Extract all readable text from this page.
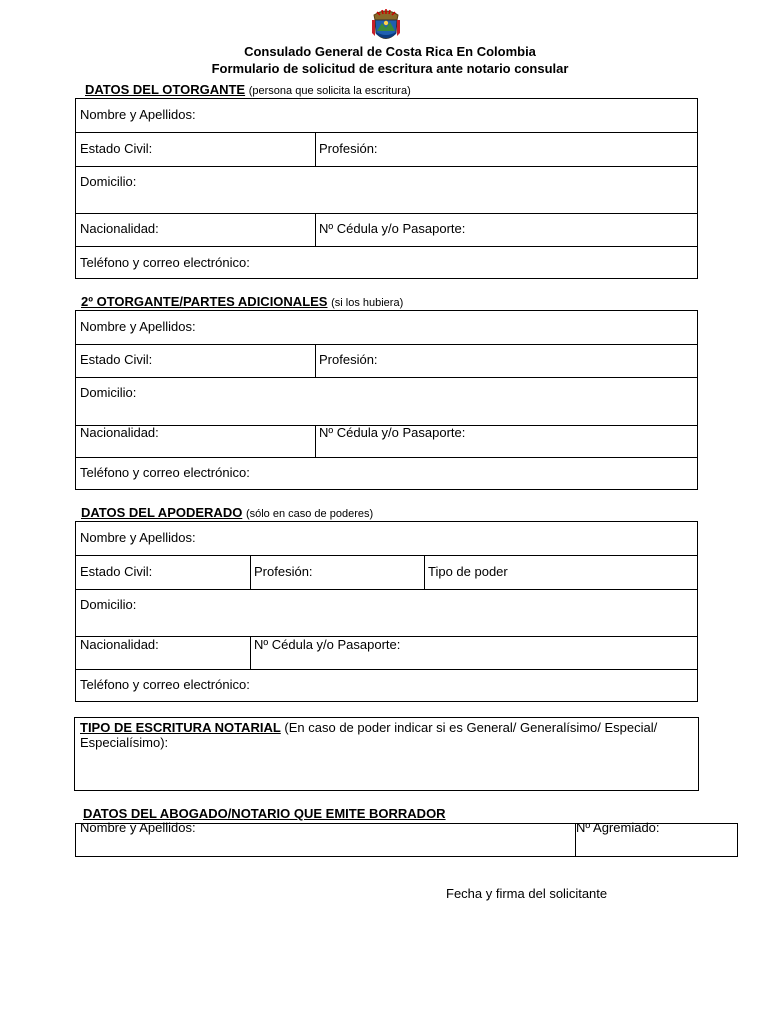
Consulado General de Costa Rica En Colombia
Formulario de solicitud de escritura ante notario consular
DATOS DEL OTORGANTE (persona que solicita la escritura)
Nombre y Apellidos:
Estado Civil:	Profesión:
Domicilio:
Nacionalidad:	Nº Cédula y/o Pasaporte:
Teléfono y correo electrónico:
2º OTORGANTE/PARTES ADICIONALES (si los hubiera)
Nombre y Apellidos:
Estado Civil:	Profesión:
Domicilio:
Nacionalidad:	Nº Cédula y/o Pasaporte:
Teléfono y correo electrónico:
DATOS DEL APODERADO (sólo en caso de poderes)
Nombre y Apellidos:
Estado Civil:	Profesión:	Tipo de poder
Domicilio:
Nacionalidad:	Nº Cédula y/o Pasaporte:
Teléfono y correo electrónico:
TIPO DE ESCRITURA NOTARIAL (En caso de poder indicar si es General/ Generalísimo/ Especial/ Especialísimo):
DATOS DEL ABOGADO/NOTARIO QUE EMITE BORRADOR
Nombre y Apellidos:	Nº Agremiado:
Fecha y firma del solicitante
